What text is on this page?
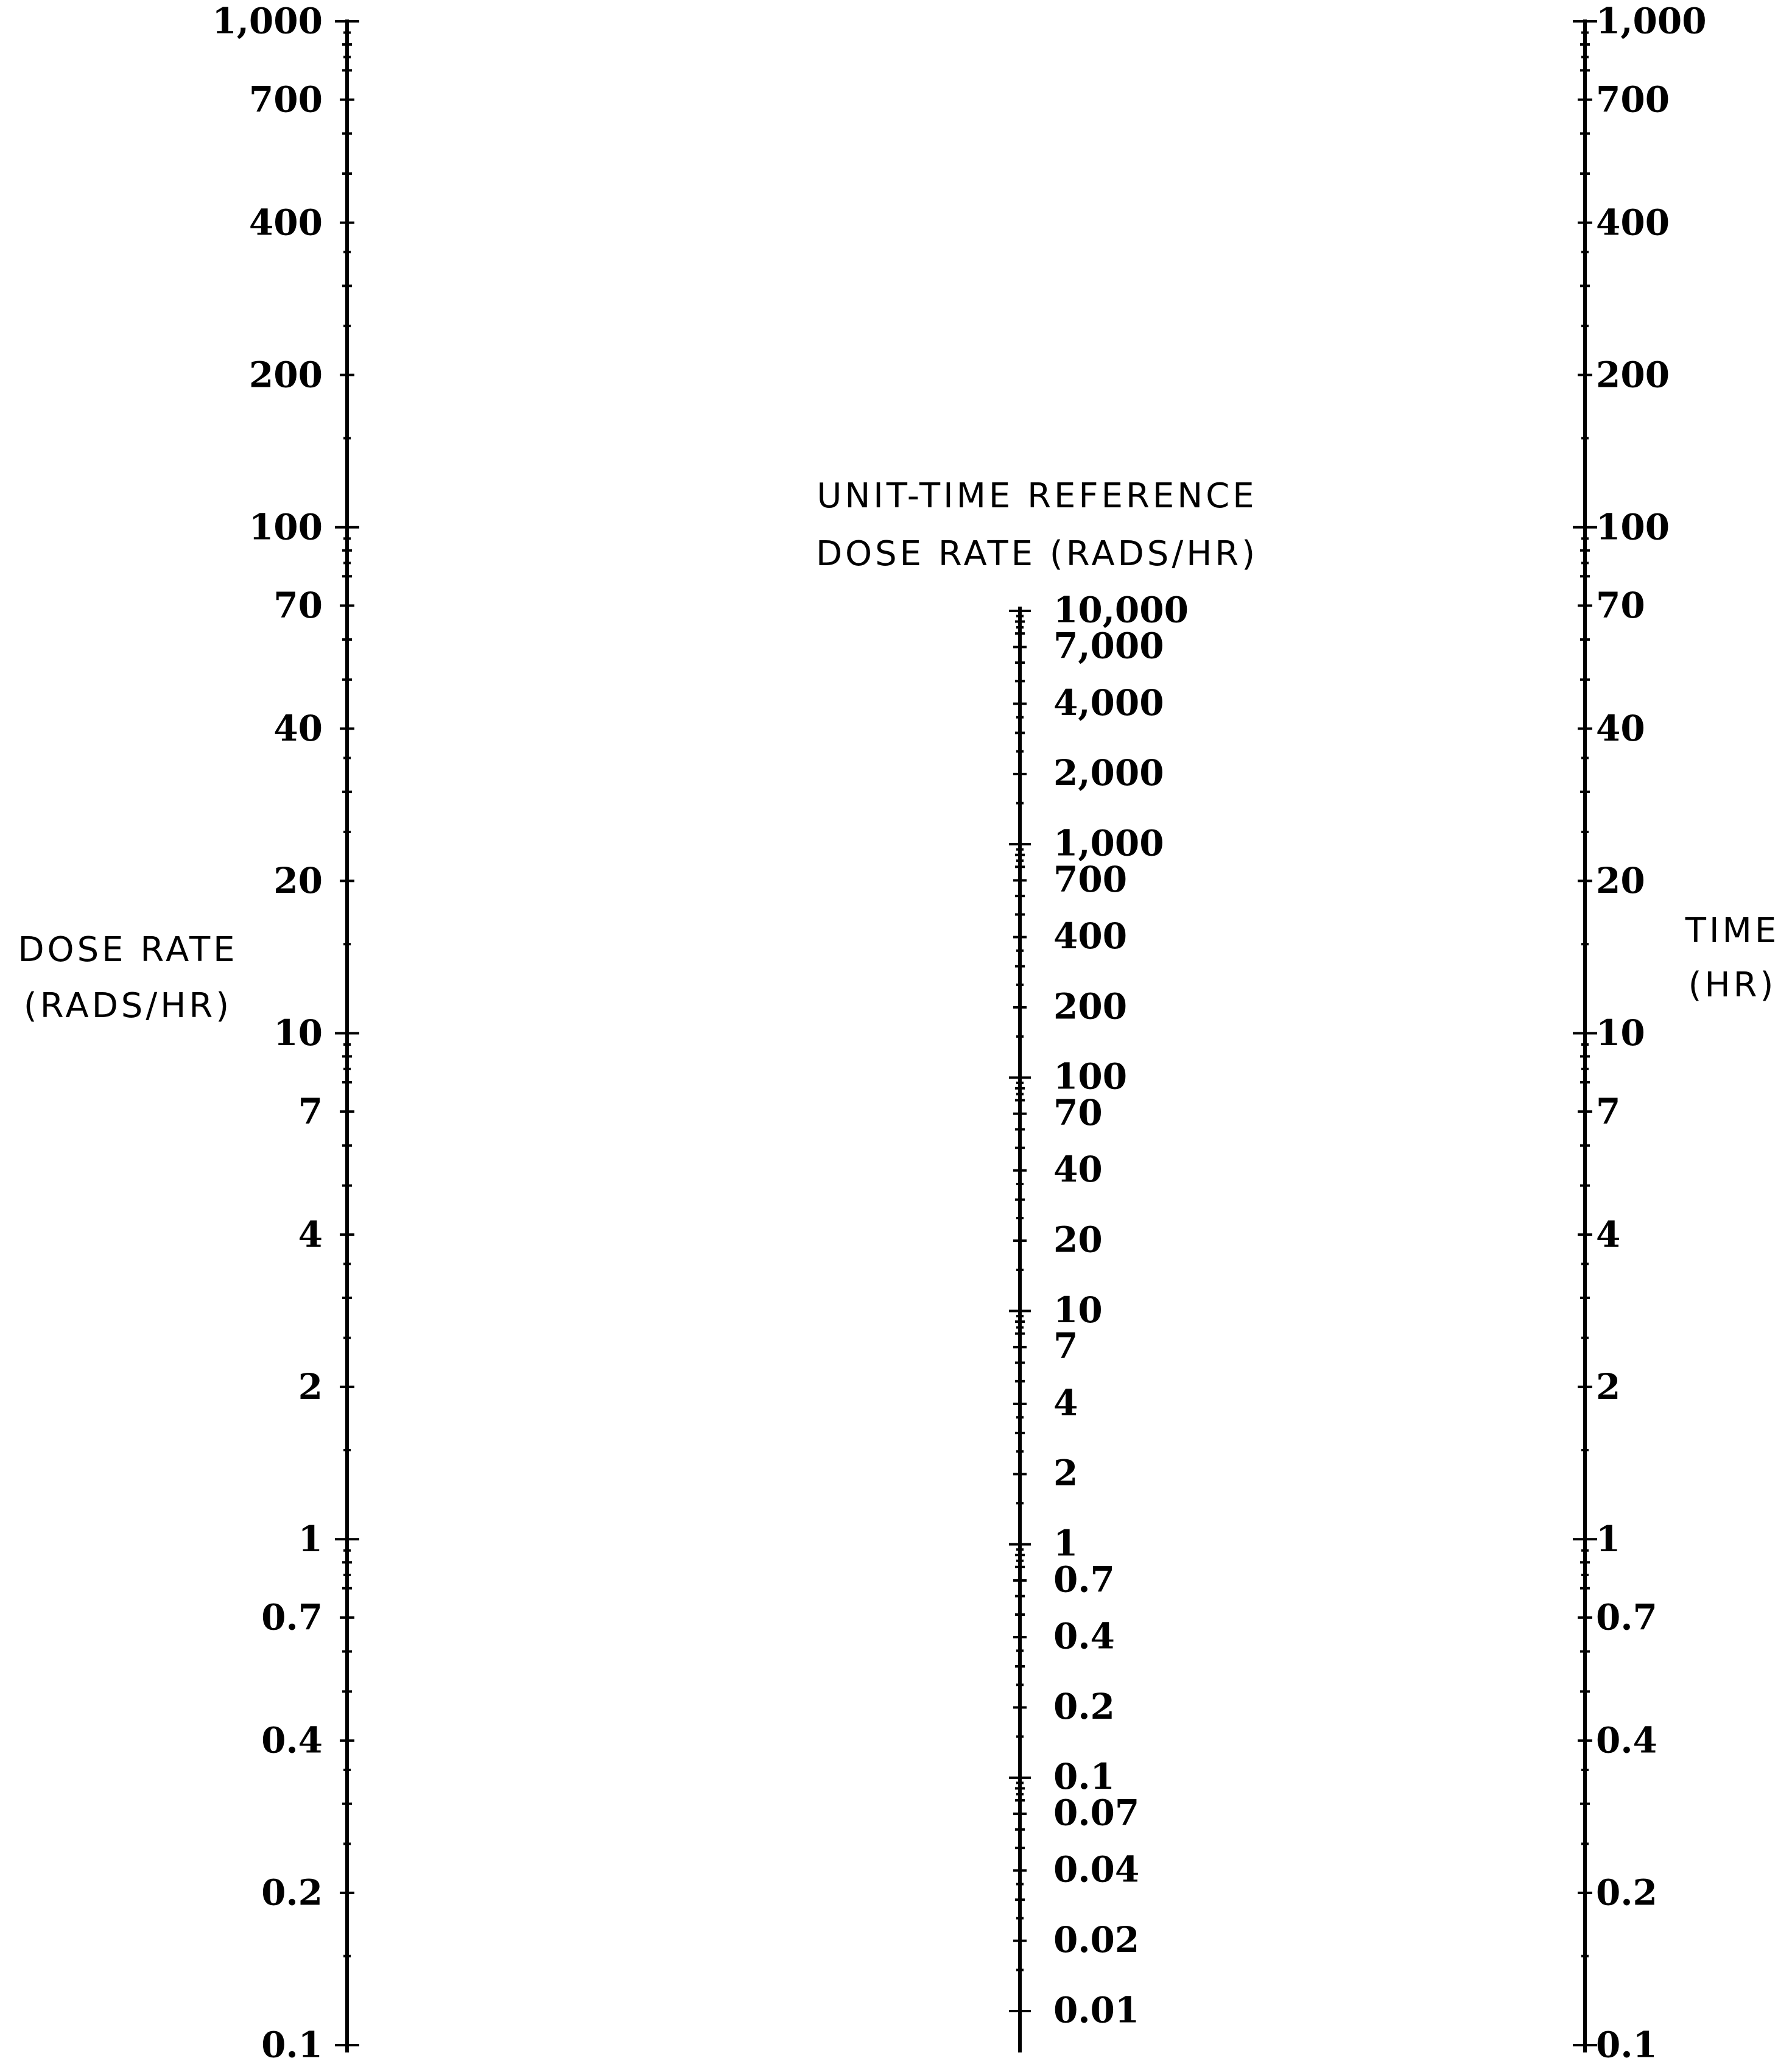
DOSE RATE
(RADS/HR)
1,000
700
400
200
100
70
40
20
10
7
4
2
1
0.7
0.4
0.2
0.1
UNIT-TIME REFERENCE
DOSE RATE (RADS/HR)
10,000
7,000
4,000
2,000
1,000
700
400
200
100
70
40
20
10
7
4
2
1
0.7
0.4
0.2
0.1
0.07
0.04
0.02
0.01
TIME
(HR)
1,000
700
400
200
100
70
40
20
10
7
4
2
1
0.7
0.4
0.2
0.1
